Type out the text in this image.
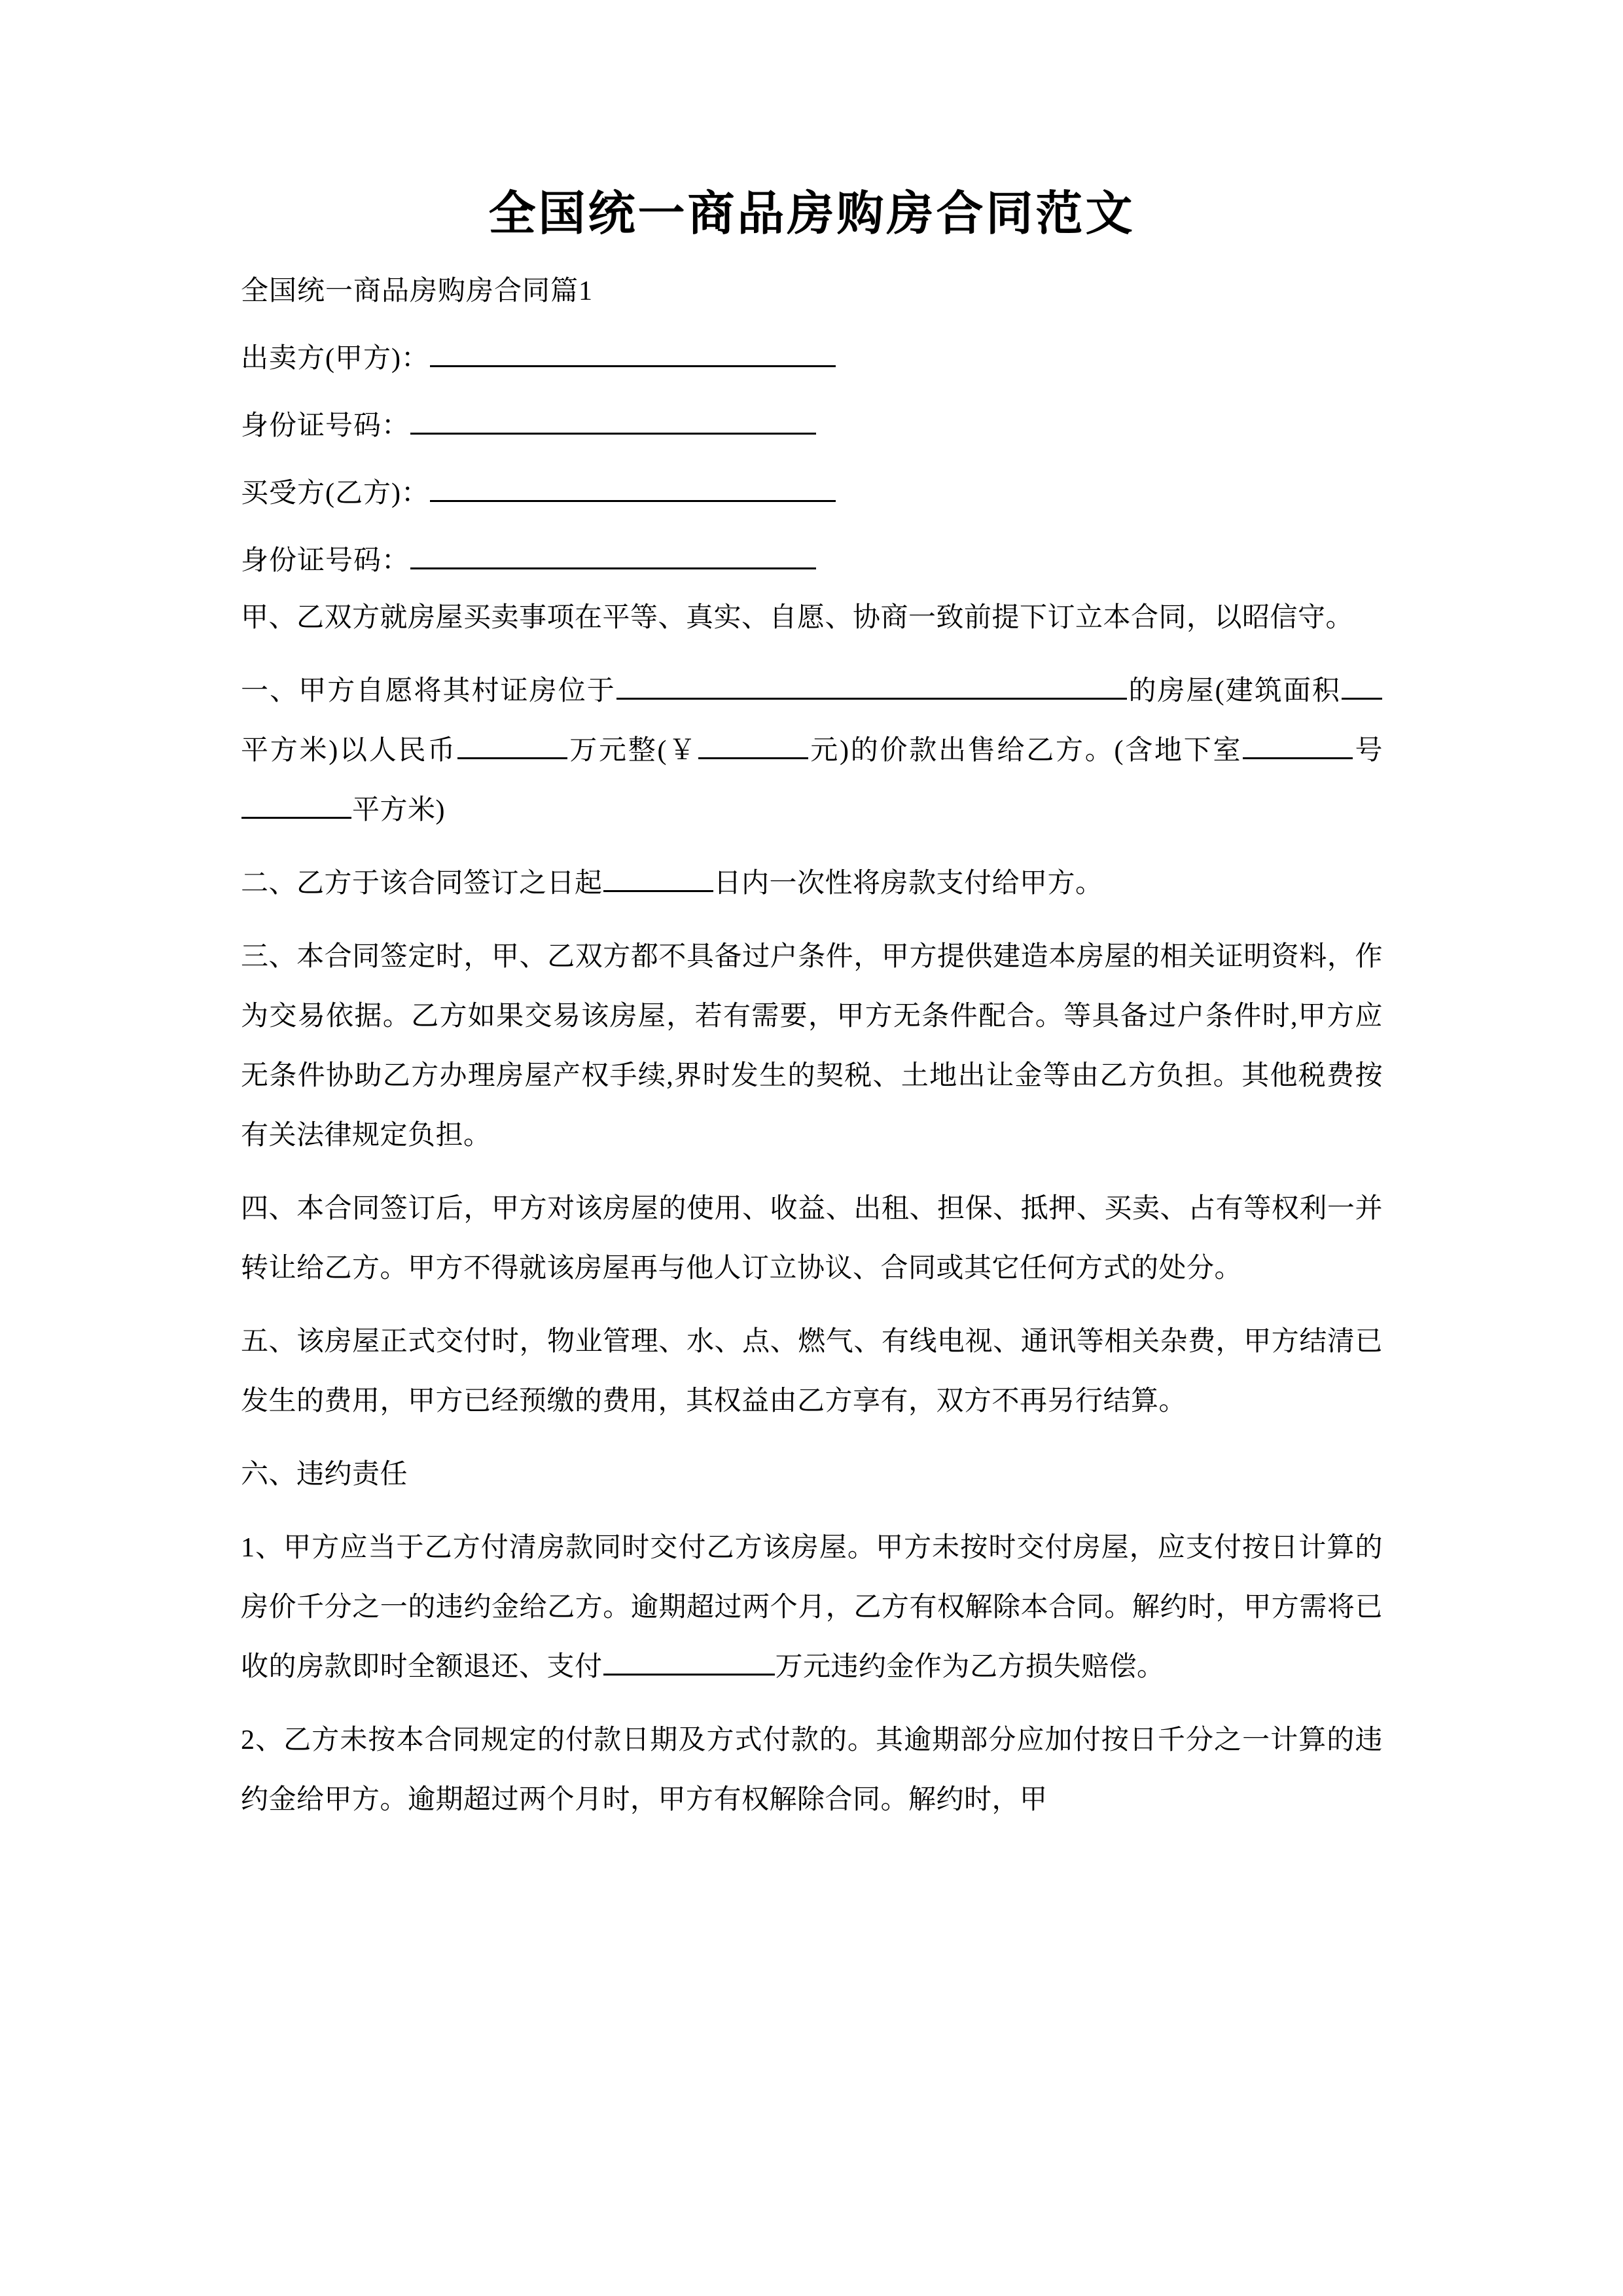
全国统一商品房购房合同范文

全国统一商品房购房合同篇1

出卖方(甲方)：

身份证号码：

买受方(乙方)：

身份证号码：

甲、乙双方就房屋买卖事项在平等、真实、自愿、协商一致前提下订立本合同，以昭信守。

一、甲方自愿将其村证房位于	的房屋(建筑面积平方米)以人民币	万元整(￥	元)的价款出售给乙方。(含地下室	号平方米)

二、乙方于该合同签订之日起	日内一次性将房款支付给甲方。

三、本合同签定时，甲、乙双方都不具备过户条件，甲方提供建造本房屋的相关证明资料，作为交易依据。乙方如果交易该房屋，若有需要，甲方无条件配合。等具备过户条件时,甲方应无条件协助乙方办理房屋产权手续,界时发生的契税、土地出让金等由乙方负担。其他税费按有关法律规定负担。

四、本合同签订后，甲方对该房屋的使用、收益、出租、担保、抵押、买卖、占有等权利一并转让给乙方。甲方不得就该房屋再与他人订立协议、合同或其它任何方式的处分。

五、该房屋正式交付时，物业管理、水、点、燃气、有线电视、通讯等相关杂费，甲方结清已发生的费用，甲方已经预缴的费用，其权益由乙方享有，双方不再另行结算。

六、违约责任

1、甲方应当于乙方付清房款同时交付乙方该房屋。甲方未按时交付房屋，应支付按日计算的房价千分之一的违约金给乙方。逾期超过两个月，乙方有权解除本合同。解约时，甲方需将已收的房款即时全额退还、支付	万元违约金作为乙方损失赔偿。

2、乙方未按本合同规定的付款日期及方式付款的。其逾期部分应加付按日千分之一计算的违约金给甲方。逾期超过两个月时，甲方有权解除合同。解约时，甲
